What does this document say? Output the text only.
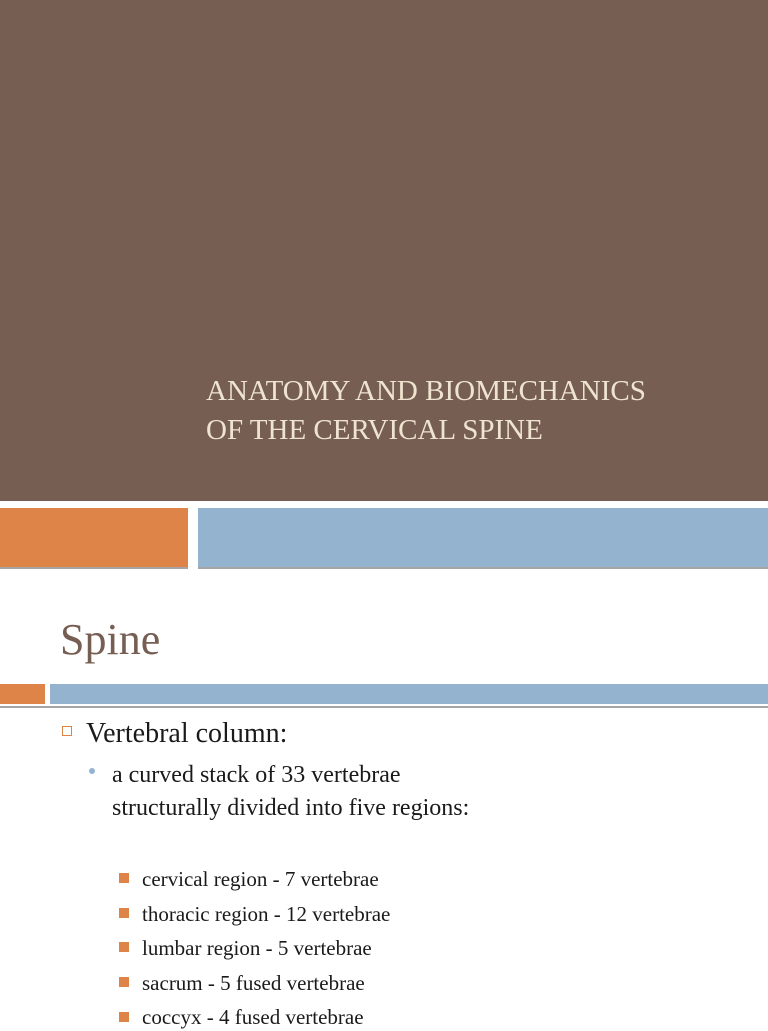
ANATOMY AND BIOMECHANICS
OF THE CERVICAL SPINE
Spine

Vertebral column:

a curved stack of 33 vertebrae structurally divided into five regions:

cervical region - 7 vertebrae

thoracic region - 12 vertebrae

lumbar region - 5 vertebrae

sacrum - 5 fused vertebrae

coccyx - 4 fused vertebrae
